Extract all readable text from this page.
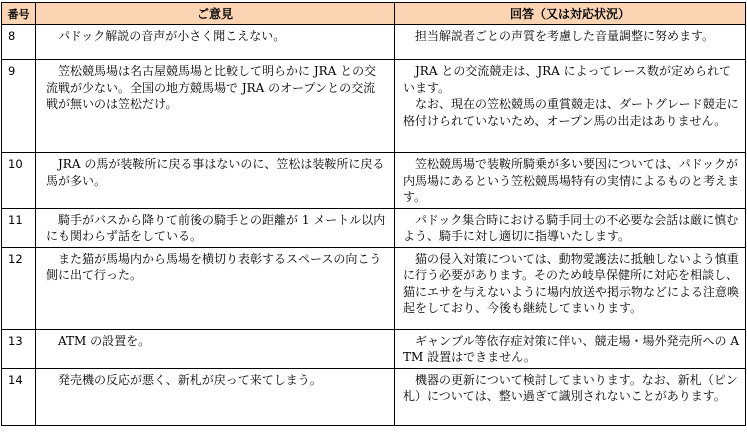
番号	ご意見	回答（又は対応状況）
8	パドック解説の音声が小さく聞こえない。	担当解説者ごとの声質を考慮した音量調整に努めます。

9	笠松競馬場は名古屋競馬場と比較して明らかに JRA との交流戦が少ない。全国の地方競馬場で JRA のオープンとの交流戦が無いのは笠松だけ。	JRA との交流競走は、JRA によってレース数が定められています。

なお、現在の笠松競馬の重賞競走は、ダートグレード競走に格付けられていないため、オープン馬の出走はありません。

10	JRA の馬が装鞍所に戻る事はないのに、笠松は装鞍所に戻る馬が多い。	笠松競馬場で装鞍所騎乗が多い要因については、パドックが内馬場にあるという笠松競馬場特有の実情によるものと考えます。

11	騎手がバスから降りて前後の騎手との距離が 1 メートル以内にも関わらず話をしている。	パドック集合時における騎手同士の不必要な会話は厳に慎むよう、騎手に対し適切に指導いたします。

12	また猫が馬場内から馬場を横切り表彰するスペースの向こう側に出て行った。	猫の侵入対策については、動物愛護法に抵触しないよう慎重に行う必要があります。そのため岐阜保健所に対応を相談し、猫にエサを与えないように場内放送や掲示物などによる注意喚起をしており、今後も継続してまいります。

13	ATM の設置を。	ギャンブル等依存症対策に伴い、競走場・場外発売所への ATM 設置はできません。

14	発売機の反応が悪く、新札が戻って来てしまう。	機器の更新について検討してまいります。なお、新札（ピン札）については、整い過ぎて識別されないことがあります。
